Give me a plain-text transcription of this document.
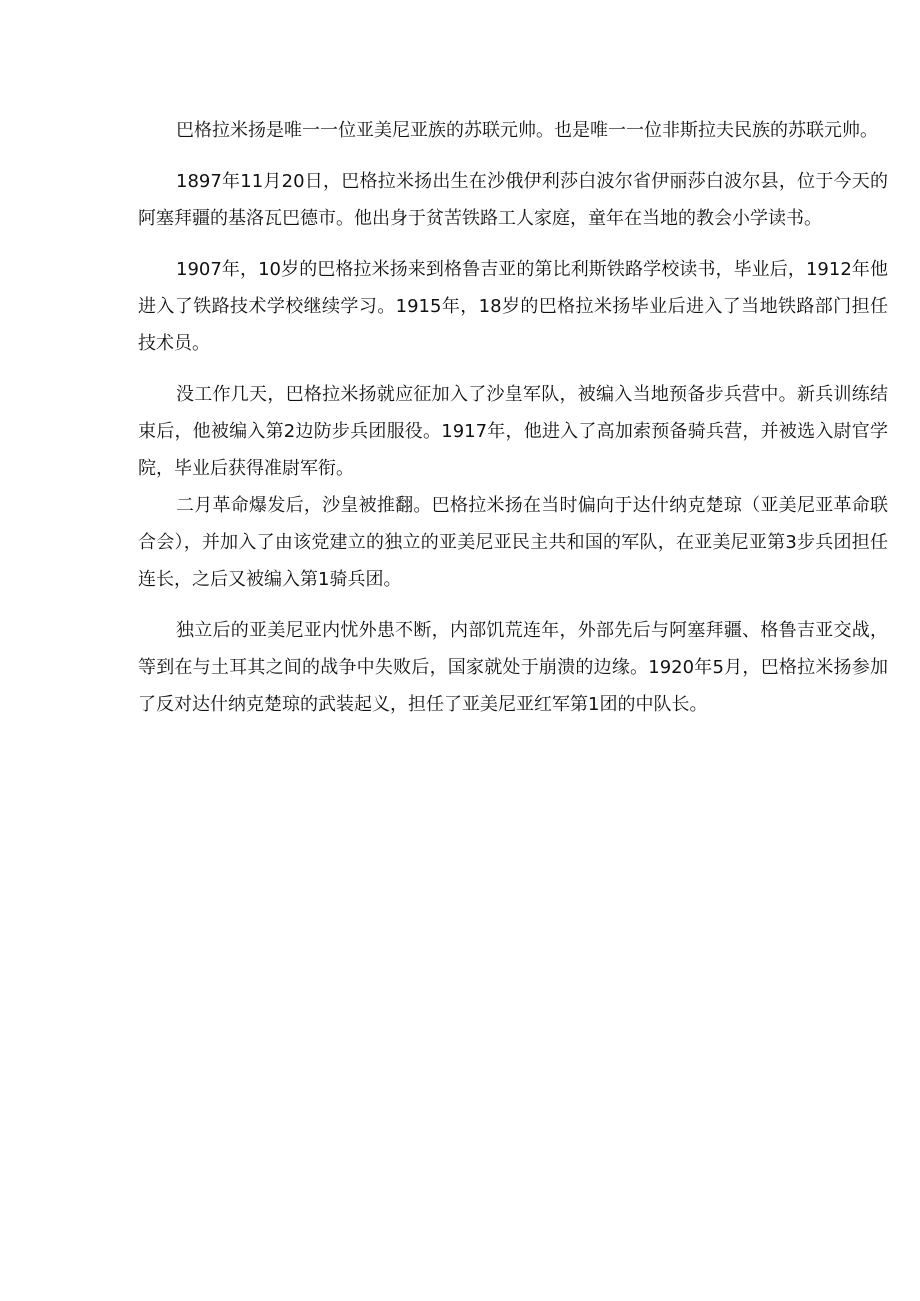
巴格拉米扬是唯一一位亚美尼亚族的苏联元帅。也是唯一一位非斯拉夫民族的苏联元帅。

1897年11月20日，巴格拉米扬出生在沙俄伊利莎白波尔省伊丽莎白波尔县，位于今天的阿塞拜疆的基洛瓦巴德市。他出身于贫苦铁路工人家庭，童年在当地的教会小学读书。

1907年，10岁的巴格拉米扬来到格鲁吉亚的第比利斯铁路学校读书，毕业后，1912年他进入了铁路技术学校继续学习。1915年，18岁的巴格拉米扬毕业后进入了当地铁路部门担任技术员。

没工作几天，巴格拉米扬就应征加入了沙皇军队，被编入当地预备步兵营中。新兵训练结束后，他被编入第2边防步兵团服役。1917年，他进入了高加索预备骑兵营，并被选入尉官学院，毕业后获得准尉军衔。

二月革命爆发后，沙皇被推翻。巴格拉米扬在当时偏向于达什纳克楚琼（亚美尼亚革命联合会），并加入了由该党建立的独立的亚美尼亚民主共和国的军队，在亚美尼亚第3步兵团担任连长，之后又被编入第1骑兵团。

独立后的亚美尼亚内忧外患不断，内部饥荒连年，外部先后与阿塞拜疆、格鲁吉亚交战，等到在与土耳其之间的战争中失败后，国家就处于崩溃的边缘。1920年5月，巴格拉米扬参加了反对达什纳克楚琼的武装起义，担任了亚美尼亚红军第1团的中队长。
